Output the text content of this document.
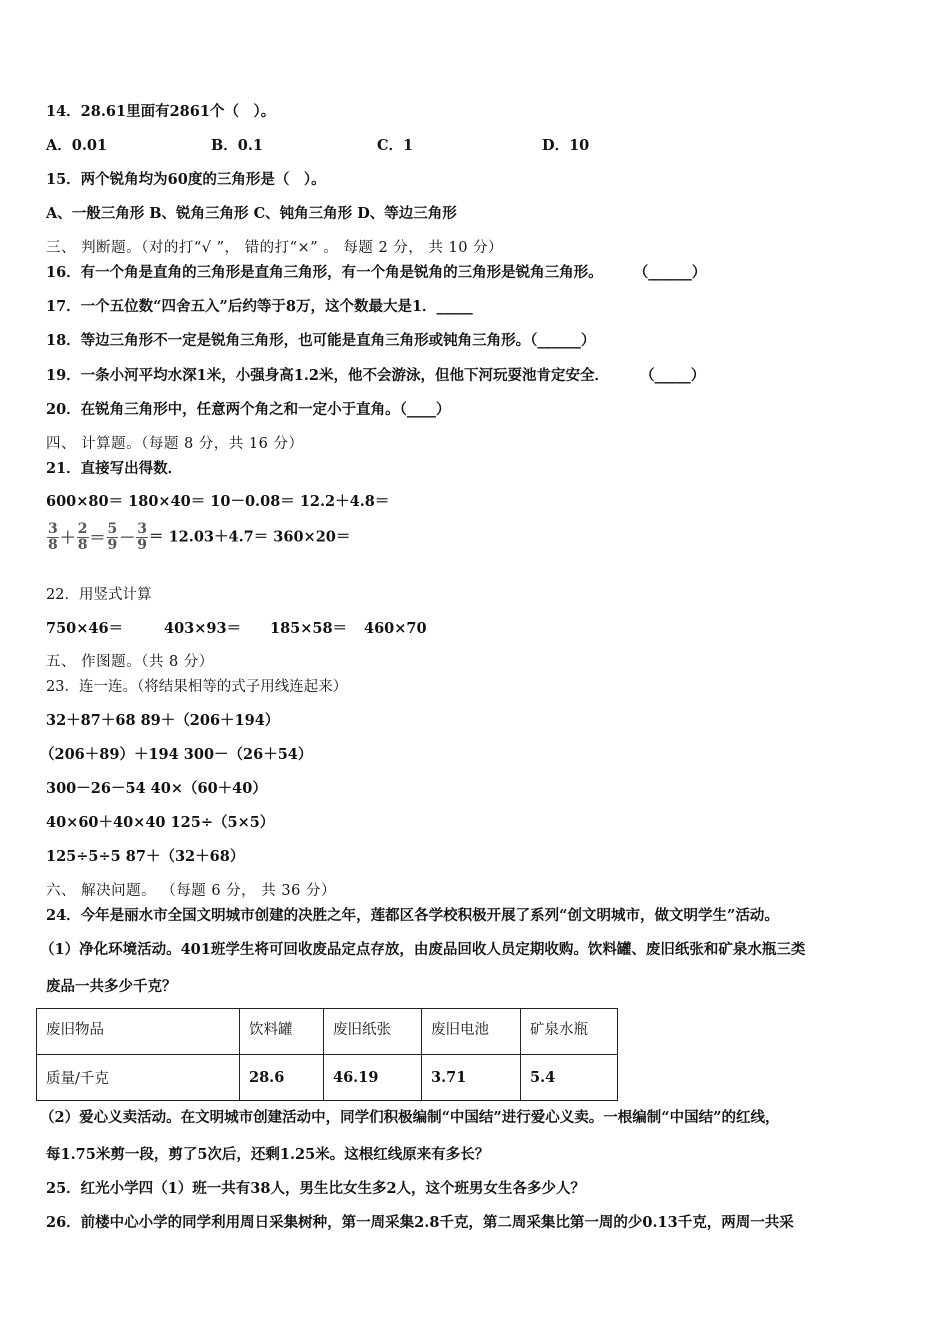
14．28.61里面有2861个（　）。
A．0.01	B．0.1	C．1	D．10
15．两个锐角均为60度的三角形是（　）。
A、一般三角形 B、锐角三角形 C、钝角三角形 D、等边三角形
三、 判断题。（对的打“√ ”， 错的打“×” 。 每题 2 分， 共 10 分）
16．有一个角是直角的三角形是直角三角形，有一个角是锐角的三角形是锐角三角形。 （______）
17．一个五位数“四舍五入”后约等于8万，这个数最大是1．_____
18．等边三角形不一定是锐角三角形，也可能是直角三角形或钝角三角形。（______）
19．一条小河平均水深1米，小强身高1.2米，他不会游泳，但他下河玩耍池肯定安全． （_____）
20．在锐角三角形中，任意两个角之和一定小于直角。（____）
四、 计算题。（每题 8 分，共 16 分）
21．直接写出得数．
600×80＝ 180×40＝ 10－0.08＝ 12.2＋4.8＝
$\frac{3}{8} + \frac{2}{8} = \frac{5}{9} - \frac{3}{9} = 12.03+4.7= 360\times 20=$
22．用竖式计算
750×46＝	403×93＝ 185×58＝ 460×70
五、 作图题。（共 8 分）
23．连一连。（将结果相等的式子用线连起来）
32＋87＋68 89＋（206＋194）
（206＋89）＋194 300－（26＋54）
300－26－54 40×（60＋40）
40×60＋40×40 125÷（5×5）
125÷5÷5 87＋（32＋68）
六、 解决问题。 （每题 6 分， 共 36 分）
24．今年是丽水市全国文明城市创建的决胜之年，莲都区各学校积极开展了系列“创文明城市，做文明学生”活动。
（1）净化环境活动。401班学生将可回收废品定点存放，由废品回收人员定期收购。饮料罐、废旧纸张和矿泉水瓶三类
废品一共多少千克？
废旧物品	饮料罐	废旧纸张	废旧电池	矿泉水瓶
质量/千克	28.6	46.19	3.71	5.4
（2）爱心义卖活动。在文明城市创建活动中，同学们积极编制“中国结”进行爱心义卖。一根编制“中国结”的红线，
每1.75米剪一段，剪了5次后，还剩1.25米。这根红线原来有多长？
25．红光小学四（1）班一共有38人，男生比女生多2人，这个班男女生各多少人？
26．前楼中心小学的同学利用周日采集树种，第一周采集2.8千克，第二周采集比第一周的少0.13千克，两周一共采
